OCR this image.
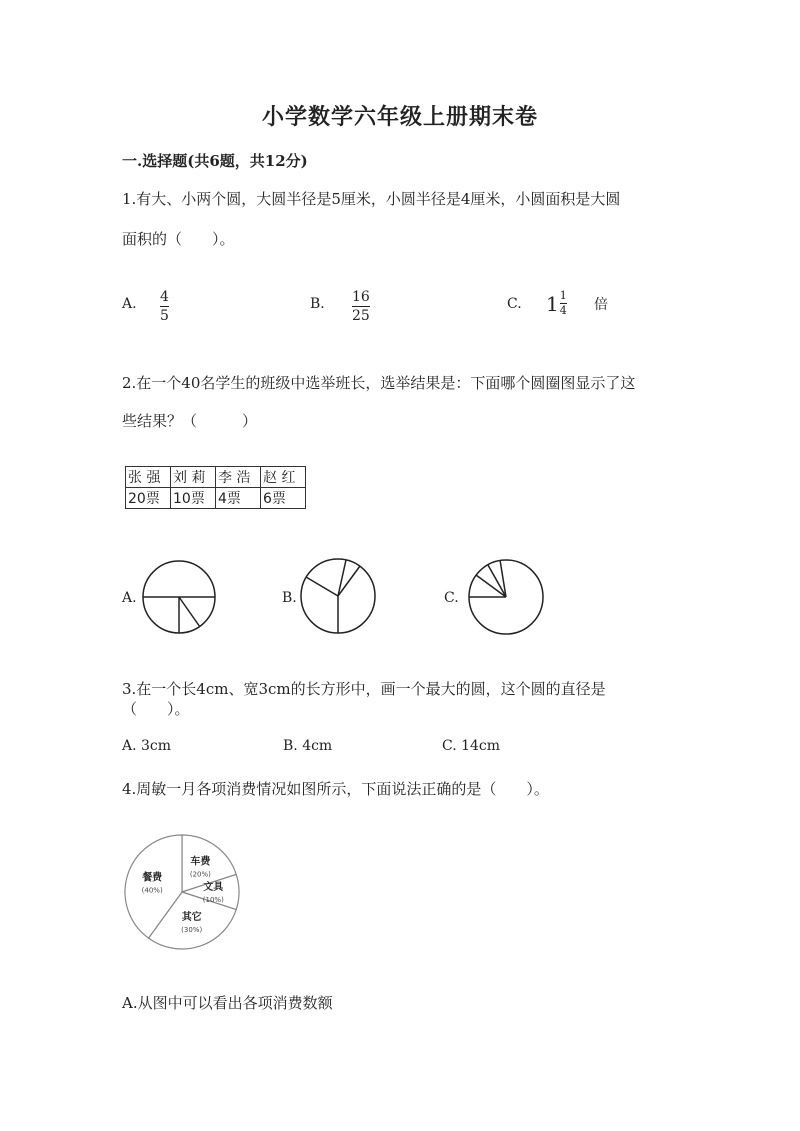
小学数学六年级上册期末卷
一.选择题(共6题，共12分)
1.有大、小两个圆，大圆半径是5厘米，小圆半径是4厘米，小圆面积是大圆
面积的（　　）。
A. 4
5
B. 16
25
C. $1 \frac{1}{4}$ 倍
2.在一个40名学生的班级中选举班长，选举结果是：下面哪个圆圈图显示了这
些结果？（　　　）
张 强	刘 莉	李 浩	赵 红
20票	10票	4票	6票
A.	B.	C.
3.在一个长4cm、宽3cm的长方形中，画一个最大的圆，这个圆的直径是
（　　）。
A. 3cm	B. 4cm	C. 14cm
4.周敏一月各项消费情况如图所示，下面说法正确的是（　　）。
车费
(20%)
文具
(10%)
其它
(30%)
餐费
(40%)
A.从图中可以看出各项消费数额
